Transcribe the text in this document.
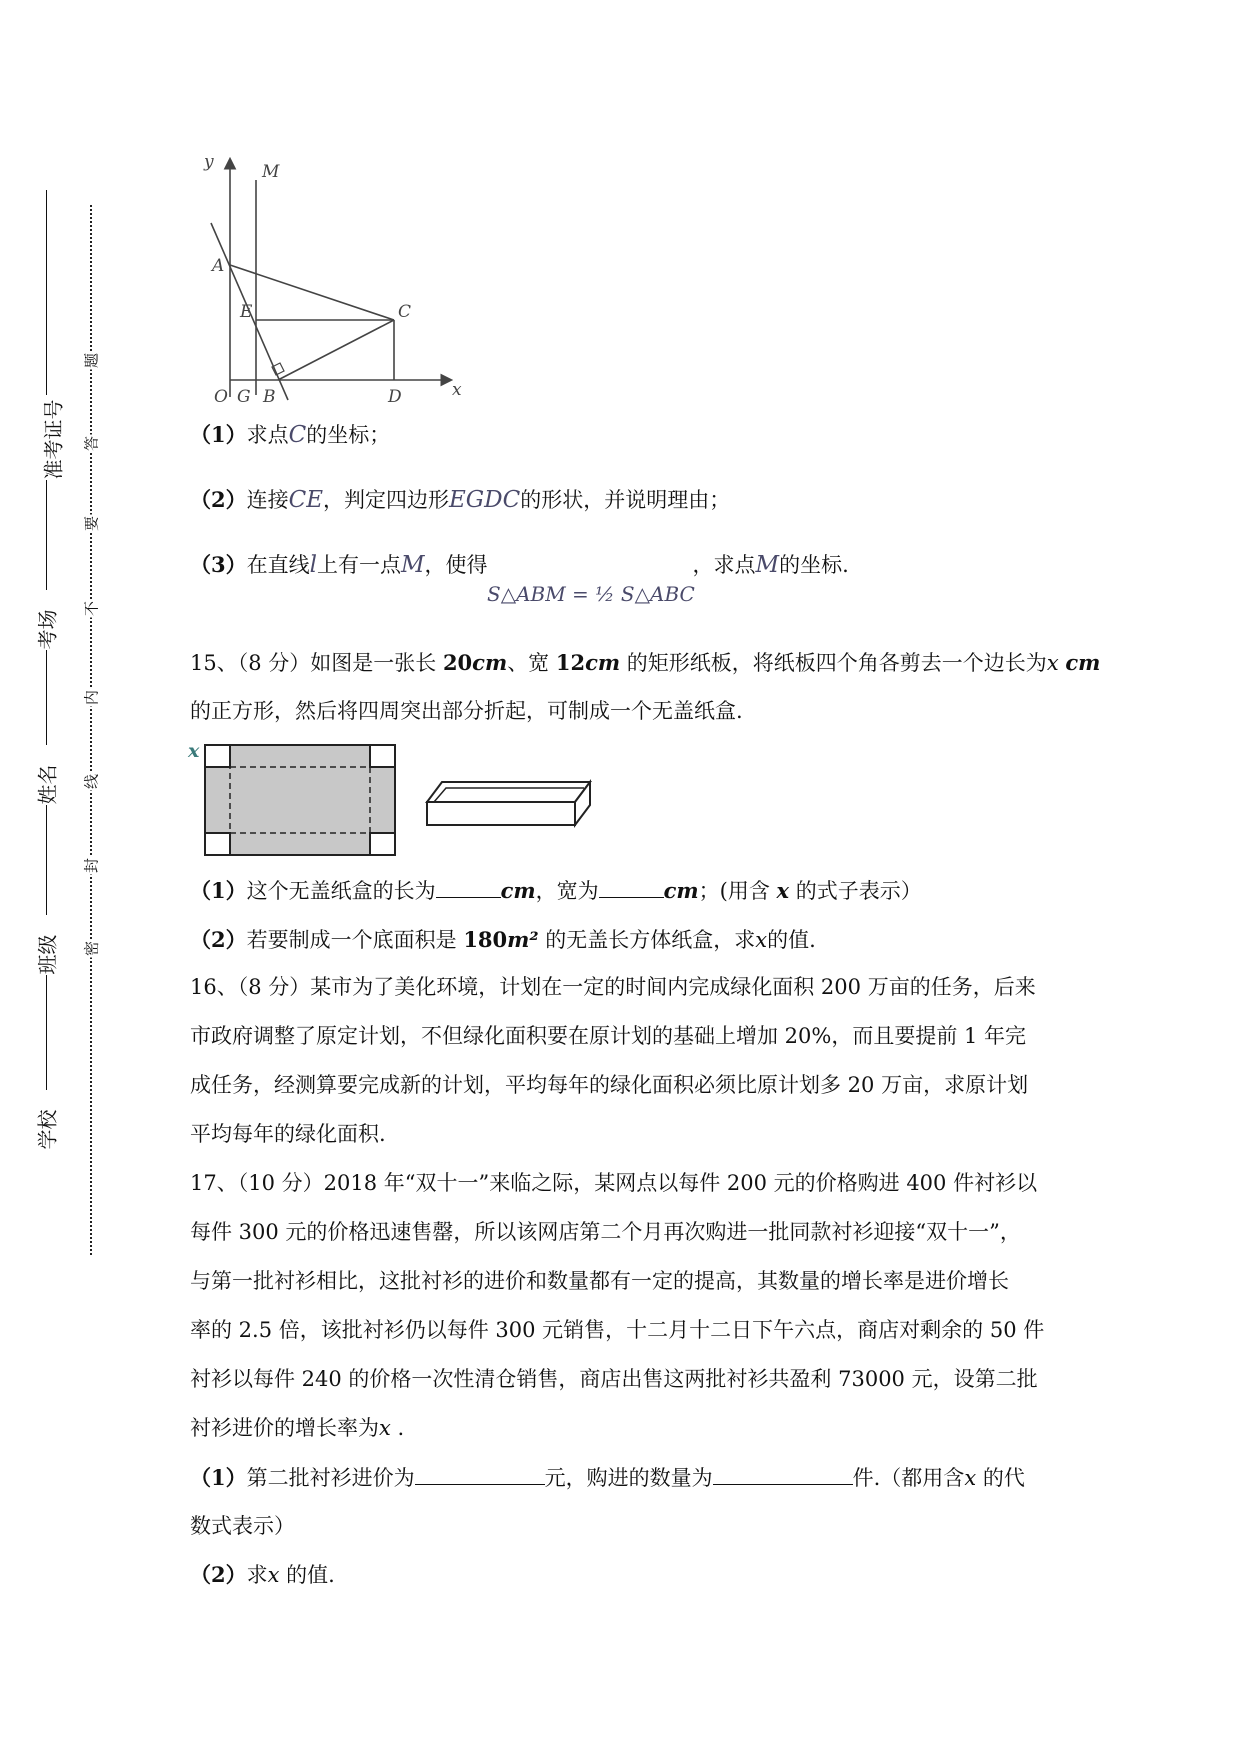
准考证号
考场
姓名
班级
学校
题
答
要
不
内
线
封
密
y
x
M
A
E	C
O G B	D
（1）求点C的坐标；
（2）连接CE，判定四边形EGDC的形状，并说明理由；
（3）在直线l上有一点M，使得	，求点M的坐标.
S△ABM = ½ S△ABC
15、（8 分）如图是一张长 20cm、宽 12cm 的矩形纸板，将纸板四个角各剪去一个边长为x cm
的正方形，然后将四周突出部分折起，可制成一个无盖纸盒.
x
（1）这个无盖纸盒的长为	cm，宽为	cm；(用含 x 的式子表示）
（2）若要制成一个底面积是 180m² 的无盖长方体纸盒，求x的值.
16、（8 分）某市为了美化环境，计划在一定的时间内完成绿化面积 200 万亩的任务，后来
市政府调整了原定计划，不但绿化面积要在原计划的基础上增加 20%，而且要提前 1 年完
成任务，经测算要完成新的计划，平均每年的绿化面积必须比原计划多 20 万亩，求原计划
平均每年的绿化面积.
17、（10 分）2018 年“双十一”来临之际，某网点以每件 200 元的价格购进 400 件衬衫以
每件 300 元的价格迅速售罄，所以该网店第二个月再次购进一批同款衬衫迎接“双十一”，
与第一批衬衫相比，这批衬衫的进价和数量都有一定的提高，其数量的增长率是进价增长
率的 2.5 倍，该批衬衫仍以每件 300 元销售，十二月十二日下午六点，商店对剩余的 50 件
衬衫以每件 240 的价格一次性清仓销售，商店出售这两批衬衫共盈利 73000 元，设第二批
衬衫进价的增长率为x .
（1）第二批衬衫进价为	元，购进的数量为	件.（都用含x 的代
数式表示）
（2）求x 的值.
